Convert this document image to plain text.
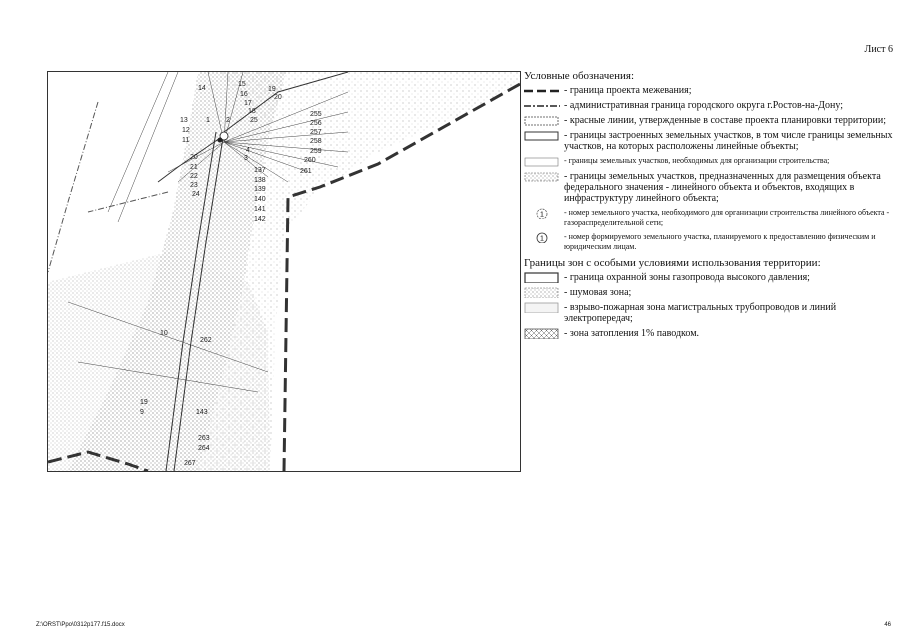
Лист 6
14
15
16
17
18
19
20
25
13
12
11
1 2
3
4
20
21
22
23
24
255
256
257
258
259
260
261
137
138
139
140
141
142
10
262
19
9	143
263
264
267
Условные обозначения:
- граница проекта межевания;
- административная граница городского округа г.Ростов-на-Дону;
- красные линии, утвержденные в составе проекта планировки территории;
- границы застроенных земельных участков, в том числе границы земельных участков, на которых расположены линейные объекты;
- границы земельных участков, необходимых для организации строительства;
- границы земельных участков, предназначенных для размещения объекта федерального значения - линейного объекта и объектов, входящих в инфраструктуру линейного объекта;
1	- номер земельного участка, необходимого для организации строительства линейного объекта - газораспределительной сети;
1	- номер формируемого земельного участка, планируемого к предоставлению физическим и юридическим лицам.
Границы зон с особыми условиями использования территории:
- граница охранной зоны газопровода высокого давления;
- шумовая зона;
- взрыво-пожарная зона магистральных трубопроводов и линий электропередач;
- зона затопления 1% паводком.
Z:\ORST\Ppo\0312p177.f15.docx	46
